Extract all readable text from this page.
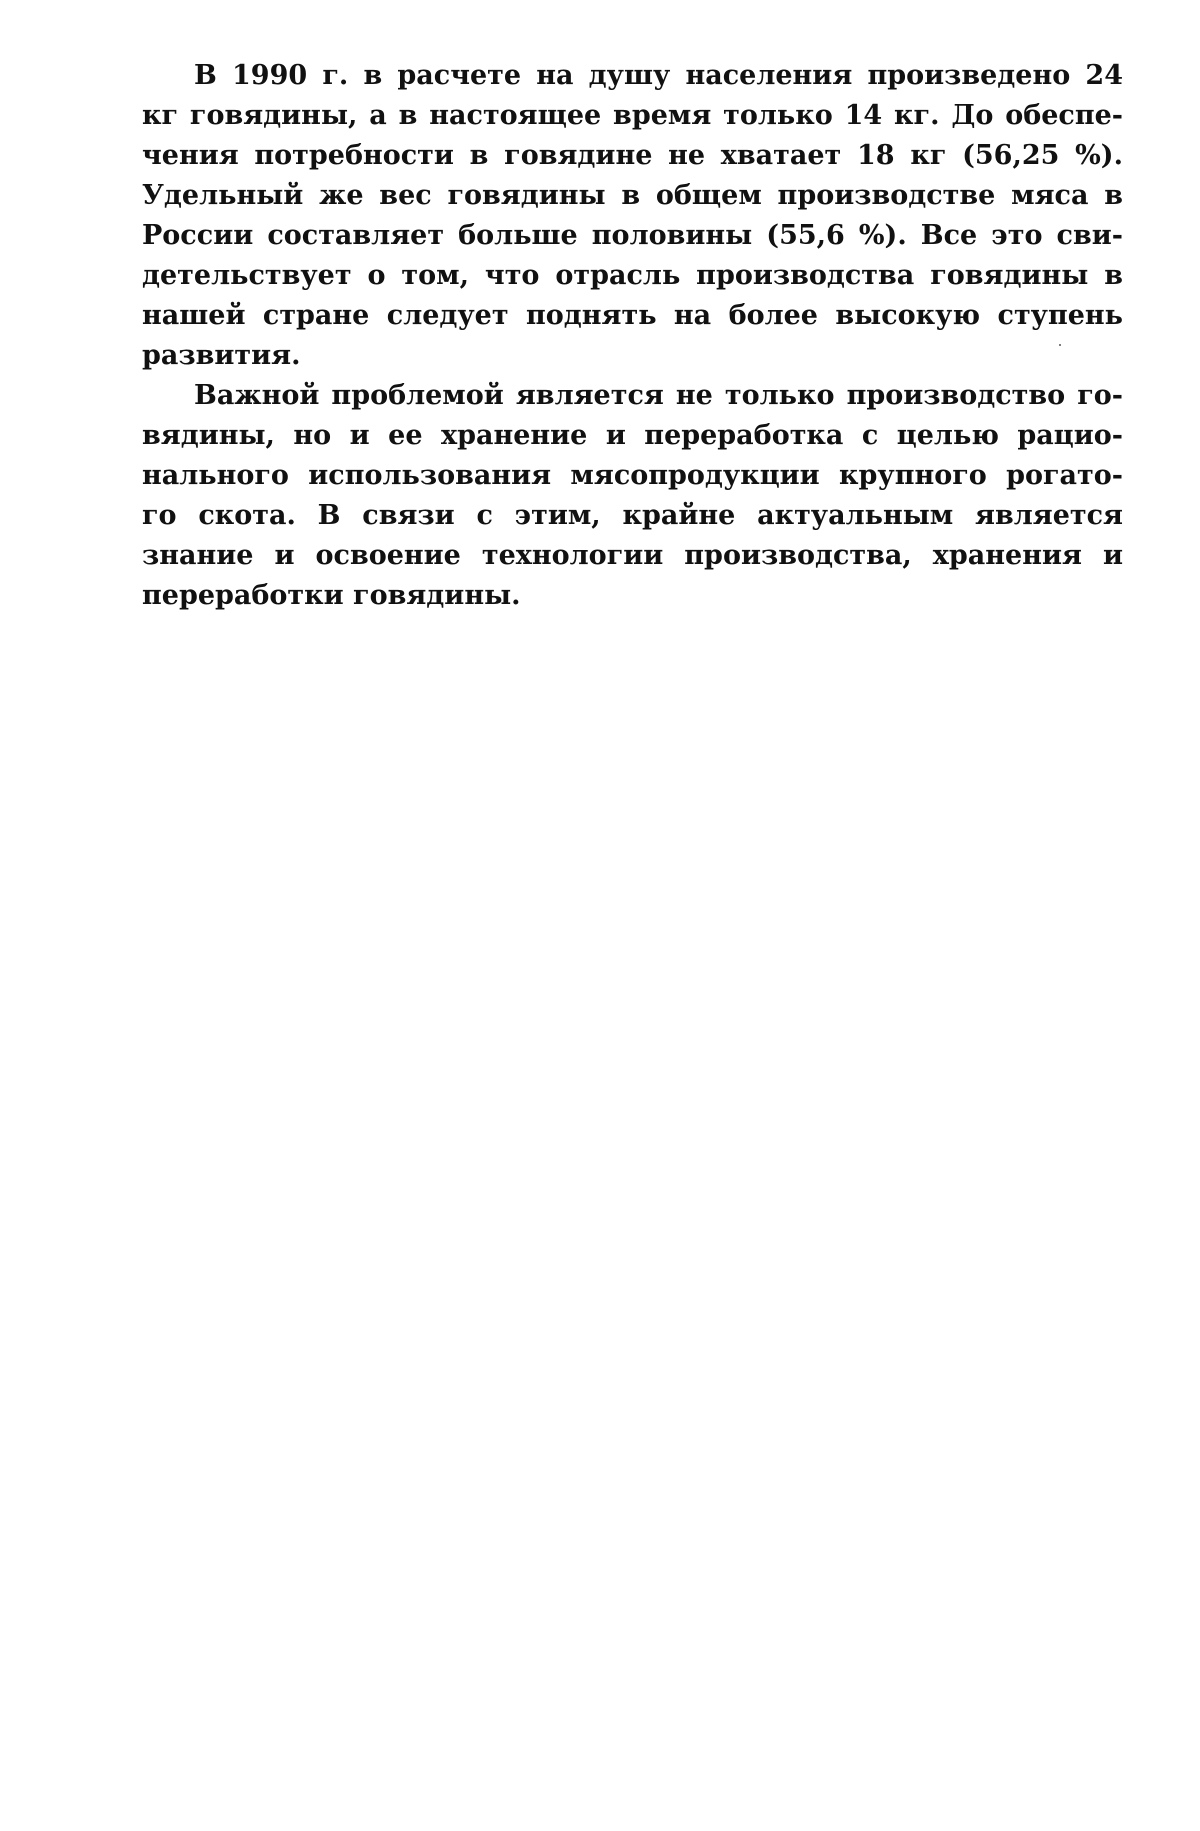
В 1990 г. в расчете на душу населения произведено 24
кг говядины, а в настоящее время только 14 кг. До обеспе-
чения потребности в говядине не хватает 18 кг (56,25 %).
Удельный же вес говядины в общем производстве мяса в
России составляет больше половины (55,6 %). Все это сви-
детельствует о том, что отрасль производства говядины в
нашей стране следует поднять на более высокую ступень
развития.

Важной проблемой является не только производство го-
вядины, но и ее хранение и переработка с целью рацио-
нального использования мясопродукции крупного рогато-
го скота. В связи с этим, крайне актуальным является
знание и освоение технологии производства, хранения и
переработки говядины.
